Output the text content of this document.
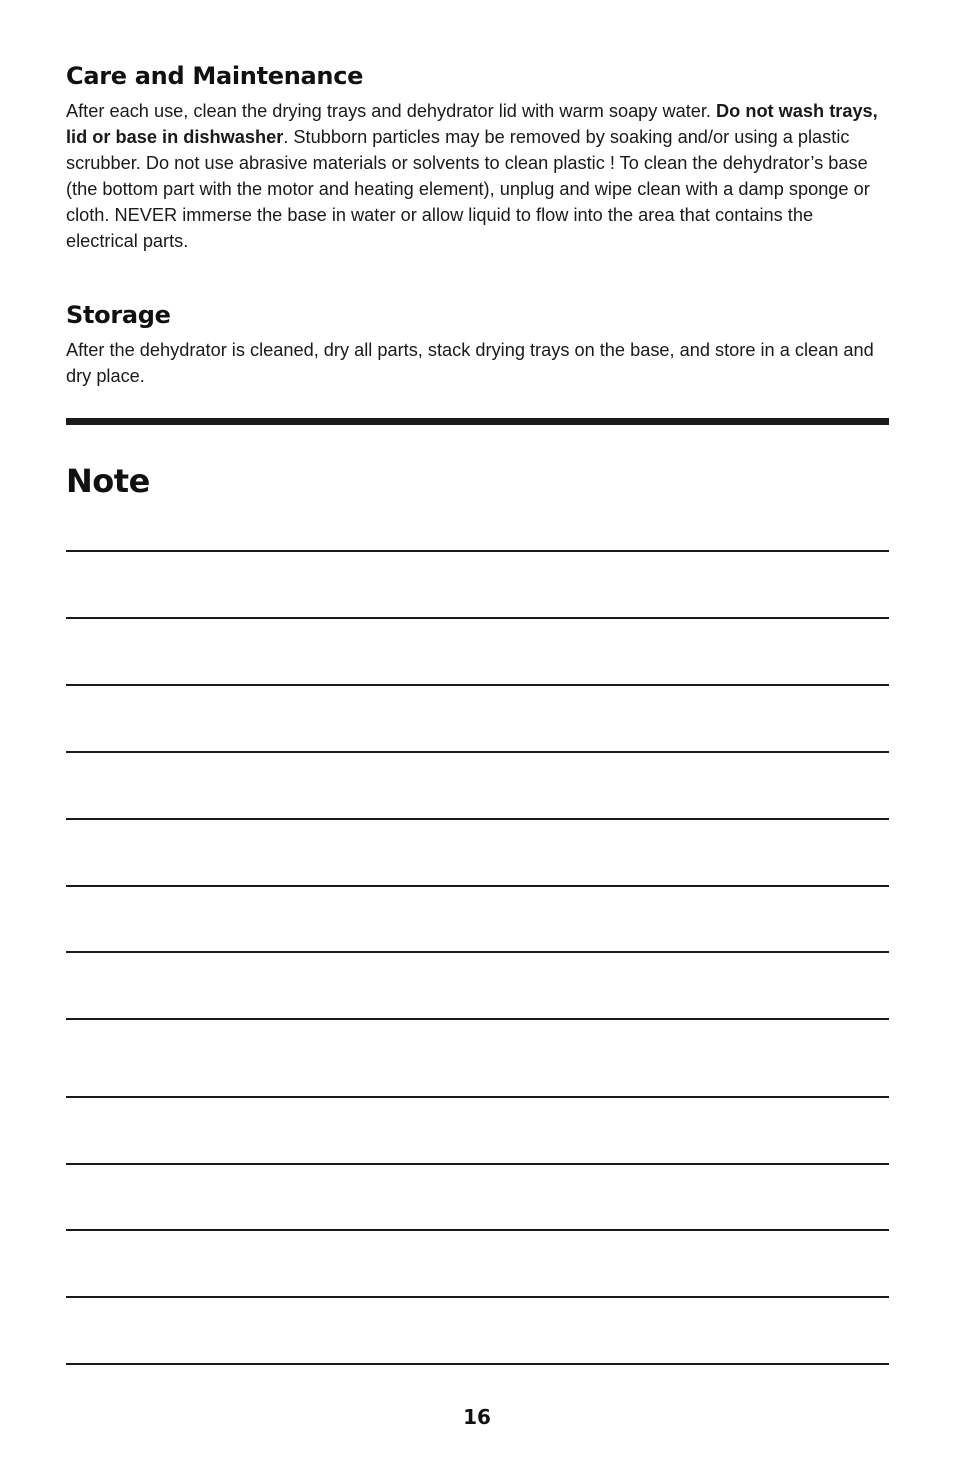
Care and Maintenance

After each use, clean the drying trays and dehydrator lid with warm soapy water. Do not wash trays, lid or base in dishwasher. Stubborn particles may be removed by soaking and/or using a plastic scrubber. Do not use abrasive materials or solvents to clean plastic ! To clean the dehydrator’s base (the bottom part with the motor and heating element), unplug and wipe clean with a damp sponge or cloth. NEVER immerse the base in water or allow liquid to flow into the area that contains the electrical parts.

Storage

After the dehydrator is cleaned, dry all parts, stack drying trays on the base, and store in a clean and dry place.

Note
16
